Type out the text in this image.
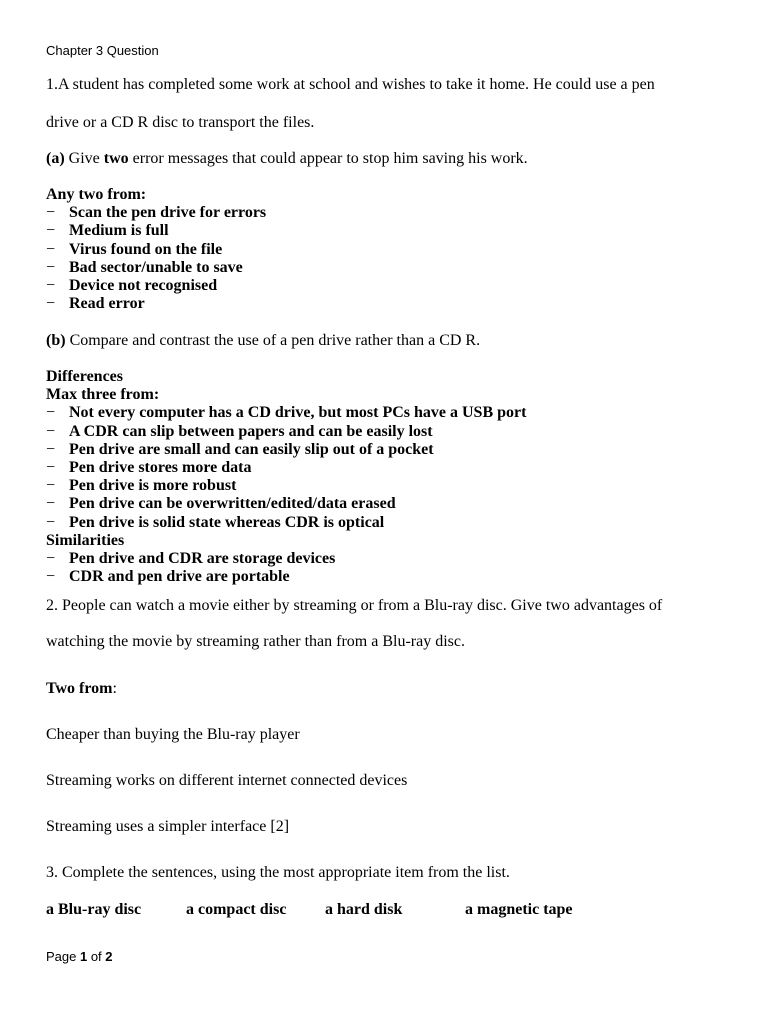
Chapter 3 Question
1.A student has completed some work at school and wishes to take it home. He could use a pen
drive or a CD R disc to transport the files.
(a) Give two error messages that could appear to stop him saving his work.
Any two from:
− Scan the pen drive for errors
− Medium is full
− Virus found on the file
− Bad sector/unable to save
− Device not recognised
− Read error
(b) Compare and contrast the use of a pen drive rather than a CD R.
Differences
Max three from:
− Not every computer has a CD drive, but most PCs have a USB port
− A CDR can slip between papers and can be easily lost
− Pen drive are small and can easily slip out of a pocket
− Pen drive stores more data
− Pen drive is more robust
− Pen drive can be overwritten/edited/data erased
− Pen drive is solid state whereas CDR is optical
Similarities
− Pen drive and CDR are storage devices
− CDR and pen drive are portable
2. People can watch a movie either by streaming or from a Blu-ray disc. Give two advantages of
watching the movie by streaming rather than from a Blu-ray disc.
Two from:
Cheaper than buying the Blu-ray player
Streaming works on different internet connected devices
Streaming uses a simpler interface [2]
3. Complete the sentences, using the most appropriate item from the list.
a Blu-ray disc	a compact disc a hard disk	a magnetic tape
Page 1 of 2
